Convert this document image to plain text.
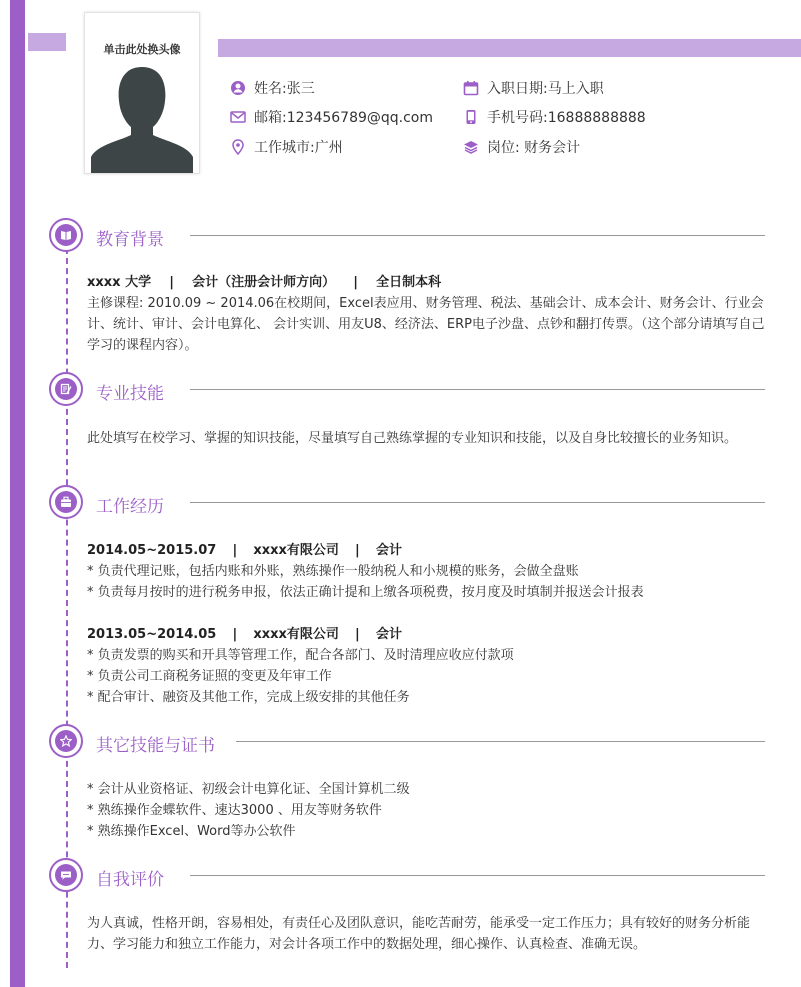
单击此处换头像
姓名:张三	入职日期:马上入职
邮箱:123456789@qq.com	手机号码:16888888888
工作城市:广州	岗位: 财务会计
教育背景
xxxx 大学 | 会计（注册会计师方向） | 全日制本科
主修课程: 2010.09 ~ 2014.06在校期间，Excel表应用、财务管理、税法、基础会计、成本会计、财务会计、行业会计、统计、审计、会计电算化、 会计实训、用友U8、经济法、ERP电子沙盘、点钞和翻打传票。（这个部分请填写自己学习的课程内容）。
专业技能
此处填写在校学习、掌握的知识技能，尽量填写自己熟练掌握的专业知识和技能，以及自身比较擅长的业务知识。
工作经历
2014.05~2015.07 | xxxx有限公司 | 会计
* 负责代理记账，包括内账和外账，熟练操作一般纳税人和小规模的账务，会做全盘账
* 负责每月按时的进行税务申报，依法正确计提和上缴各项税费，按月度及时填制并报送会计报表
2013.05~2014.05 | xxxx有限公司 | 会计
* 负责发票的购买和开具等管理工作，配合各部门、及时清理应收应付款项
* 负责公司工商税务证照的变更及年审工作
* 配合审计、融资及其他工作，完成上级安排的其他任务
其它技能与证书
* 会计从业资格证、初级会计电算化证、全国计算机二级
* 熟练操作金蝶软件、速达3000 、用友等财务软件
* 熟练操作Excel、Word等办公软件
自我评价
为人真诚，性格开朗，容易相处，有责任心及团队意识，能吃苦耐劳，能承受一定工作压力；具有较好的财务分析能力、学习能力和独立工作能力，对会计各项工作中的数据处理，细心操作、认真检查、准确无误。
